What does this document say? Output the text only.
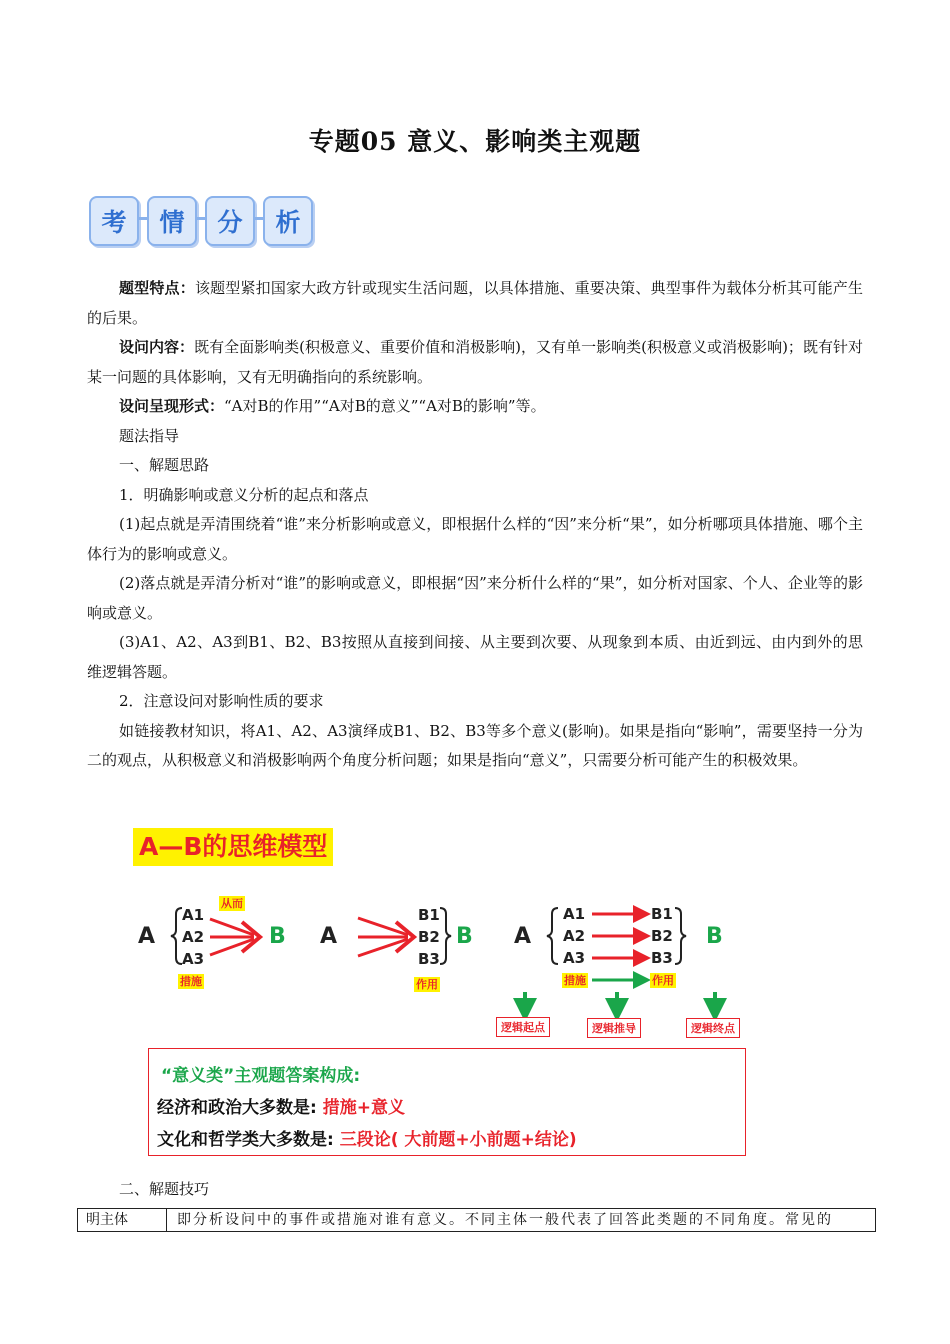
专题05 意义、影响类主观题
考	情	分	析

题型特点：该题型紧扣国家大政方针或现实生活问题，以具体措施、重要决策、典型事件为载体分析其可能产生的后果。

设问内容：既有全面影响类(积极意义、重要价值和消极影响)，又有单一影响类(积极意义或消极影响)；既有针对某一问题的具体影响，又有无明确指向的系统影响。

设问呈现形式：“A对B的作用”“A对B的意义”“A对B的影响”等。

题法指导

一、解题思路

1．明确影响或意义分析的起点和落点

(1)起点就是弄清围绕着“谁”来分析影响或意义，即根据什么样的“因”来分析“果”，如分析哪项具体措施、哪个主体行为的影响或意义。

(2)落点就是弄清分析对“谁”的影响或意义，即根据“因”来分析什么样的“果”，如分析对国家、个人、企业等的影响或意义。

(3)A1、A2、A3到B1、B2、B3按照从直接到间接、从主要到次要、从现象到本质、由近到远、由内到外的思维逻辑答题。

2．注意设问对影响性质的要求

如链接教材知识，将A1、A2、A3演绎成B1、B2、B3等多个意义(影响)。如果是指向“影响”，需要坚持一分为二的观点，从积极意义和消极影响两个角度分析问题；如果是指向“意义”，只需要分析可能产生的积极效果。

A—B的思维模型
A
A1
A2
A3
从而
B
措施
A
B1
B2
B3
B
作用
A
A1
A2
A3
B1
B2
B3
B
措施	作用
逻辑起点	逻辑推导	逻辑终点
“意义类”主观题答案构成:
经济和政治大多数是: 措施+意义
文化和哲学类大多数是: 三段论( 大前题+小前题+结论)
二、解题技巧
明主体	即分析设问中的事件或措施对谁有意义。不同主体一般代表了回答此类题的不同角度。常见的
